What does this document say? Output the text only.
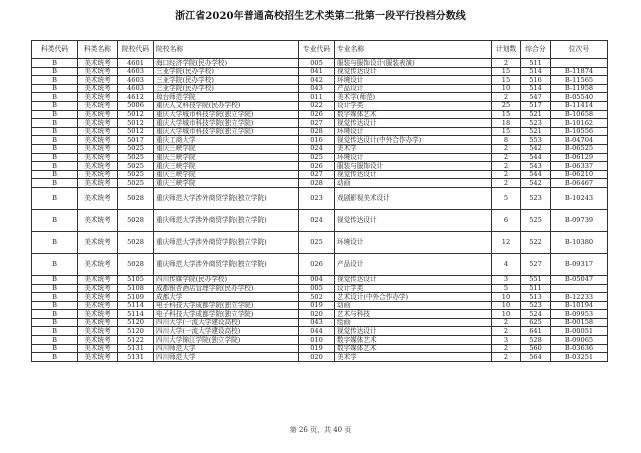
浙江省2020年普通高校招生艺术类第二批第一段平行投档分数线
科类代码	科类名称	院校代码	院校名称	专业代码	专业名称	计划数	综合分	位次号
B	美术统考	4601	海口经济学院(民办学校)	005	服装与服饰设计(服装表演)	2	511	
B	美术统考	4603	三亚学院(民办学校)	041	视觉传达设计	15	514	B-11874
B	美术统考	4603	三亚学院(民办学校)	042	环境设计	15	516	B-11565
B	美术统考	4603	三亚学院(民办学校)	043	产品设计	10	514	B-11958
B	美术统考	4612	琼台师范学院	011	美术学(师范)	2	547	B-05540
B	美术统考	5006	重庆人文科技学院(民办学校)	022	设计学类	25	517	B-11414
B	美术统考	5012	重庆大学城市科技学院(独立学院)	026	数字媒体艺术	15	521	B-10658
B	美术统考	5012	重庆大学城市科技学院(独立学院)	027	视觉传达设计	18	523	B-10162
B	美术统考	5012	重庆大学城市科技学院(独立学院)	028	环境设计	15	521	B-10556
B	美术统考	5017	重庆工商大学	016	视觉传达设计(中外合作办学)	8	553	B-04704
B	美术统考	5025	重庆三峡学院	024	美术学	2	542	B-06525
B	美术统考	5025	重庆三峡学院	025	环境设计	2	544	B-06129
B	美术统考	5025	重庆三峡学院	026	服装与服饰设计	2	543	B-06337
B	美术统考	5025	重庆三峡学院	027	视觉传达设计	2	544	B-06210
B	美术统考	5025	重庆三峡学院	028	动画	2	542	B-06467
B	美术统考	5028	重庆师范大学涉外商贸学院(独立学院)	023	戏剧影视美术设计	5	523	B-10243
B	美术统考	5028	重庆师范大学涉外商贸学院(独立学院)	024	视觉传达设计	6	525	B-09739
B	美术统考	5028	重庆师范大学涉外商贸学院(独立学院)	025	环境设计	12	522	B-10380
B	美术统考	5028	重庆师范大学涉外商贸学院(独立学院)	026	产品设计	4	527	B-09317
B	美术统考	5105	四川传媒学院(民办学校)	004	视觉传达设计	3	551	B-05047
B	美术统考	5108	成都银杏酒店管理学院(民办学校)	005	设计学类	5	511	
B	美术统考	5109	成都大学	502	艺术设计(中外合作办学)	10	513	B-12233
B	美术统考	5114	电子科技大学成都学院(独立学院)	019	动画	10	523	B-10194
B	美术统考	5114	电子科技大学成都学院(独立学院)	020	艺术与科技	10	524	B-09953
B	美术统考	5120	四川大学(一流大学建设高校)	043	绘画	2	625	B-00158
B	美术统考	5120	四川大学(一流大学建设高校)	044	视觉传达设计	2	641	B-00051
B	美术统考	5122	四川大学锦江学院(独立学院)	010	数字媒体艺术	3	528	B-09065
B	美术统考	5131	四川师范大学	019	数字媒体艺术	2	560	B-03636
B	美术统考	5131	四川师范大学	020	美术学	2	564	B-03251
第 26 页，共 40 页
